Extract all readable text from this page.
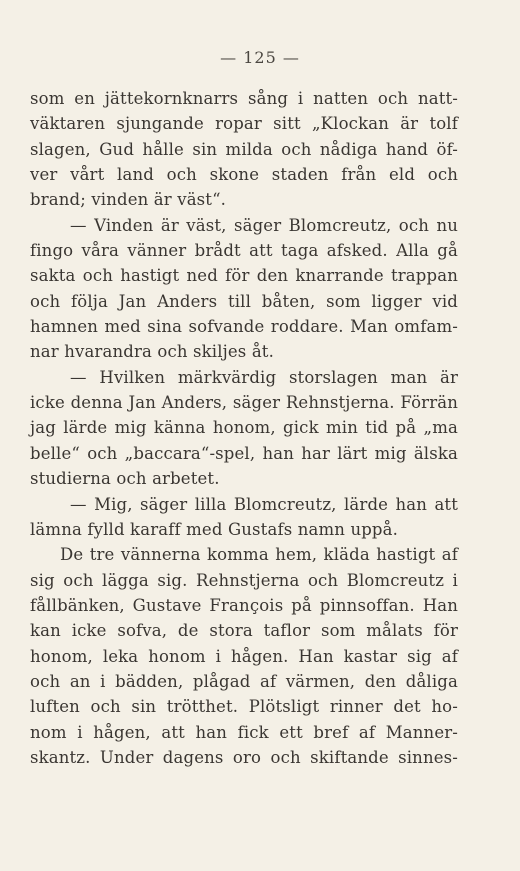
— 125 —
som en jättekornknarrs sång i natten och natt-
väktaren sjungande ropar sitt „Klockan är tolf
slagen, Gud hålle sin milda och nådiga hand öf-
ver vårt land och skone staden från eld och
brand; vinden är väst“.
— Vinden är väst, säger Blomcreutz, och nu
fingo våra vänner brådt att taga afsked. Alla gå
sakta och hastigt ned för den knarrande trappan
och följa Jan Anders till båten, som ligger vid
hamnen med sina sofvande roddare. Man omfam-
nar hvarandra och skiljes åt.
— Hvilken märkvärdig storslagen man är
icke denna Jan Anders, säger Rehnstjerna. Förrän
jag lärde mig känna honom, gick min tid på „ma
belle“ och „baccara“-spel, han har lärt mig älska
studierna och arbetet.
— Mig, säger lilla Blomcreutz, lärde han att
lämna fylld karaff med Gustafs namn uppå.
De tre vännerna komma hem, kläda hastigt af
sig och lägga sig. Rehnstjerna och Blomcreutz i
fållbänken, Gustave François på pinnsoffan. Han
kan icke sofva, de stora taflor som målats för
honom, leka honom i hågen. Han kastar sig af
och an i bädden, plågad af värmen, den dåliga
luften och sin trötthet. Plötsligt rinner det ho-
nom i hågen, att han fick ett bref af Manner-
skantz. Under dagens oro och skiftande sinnes-
